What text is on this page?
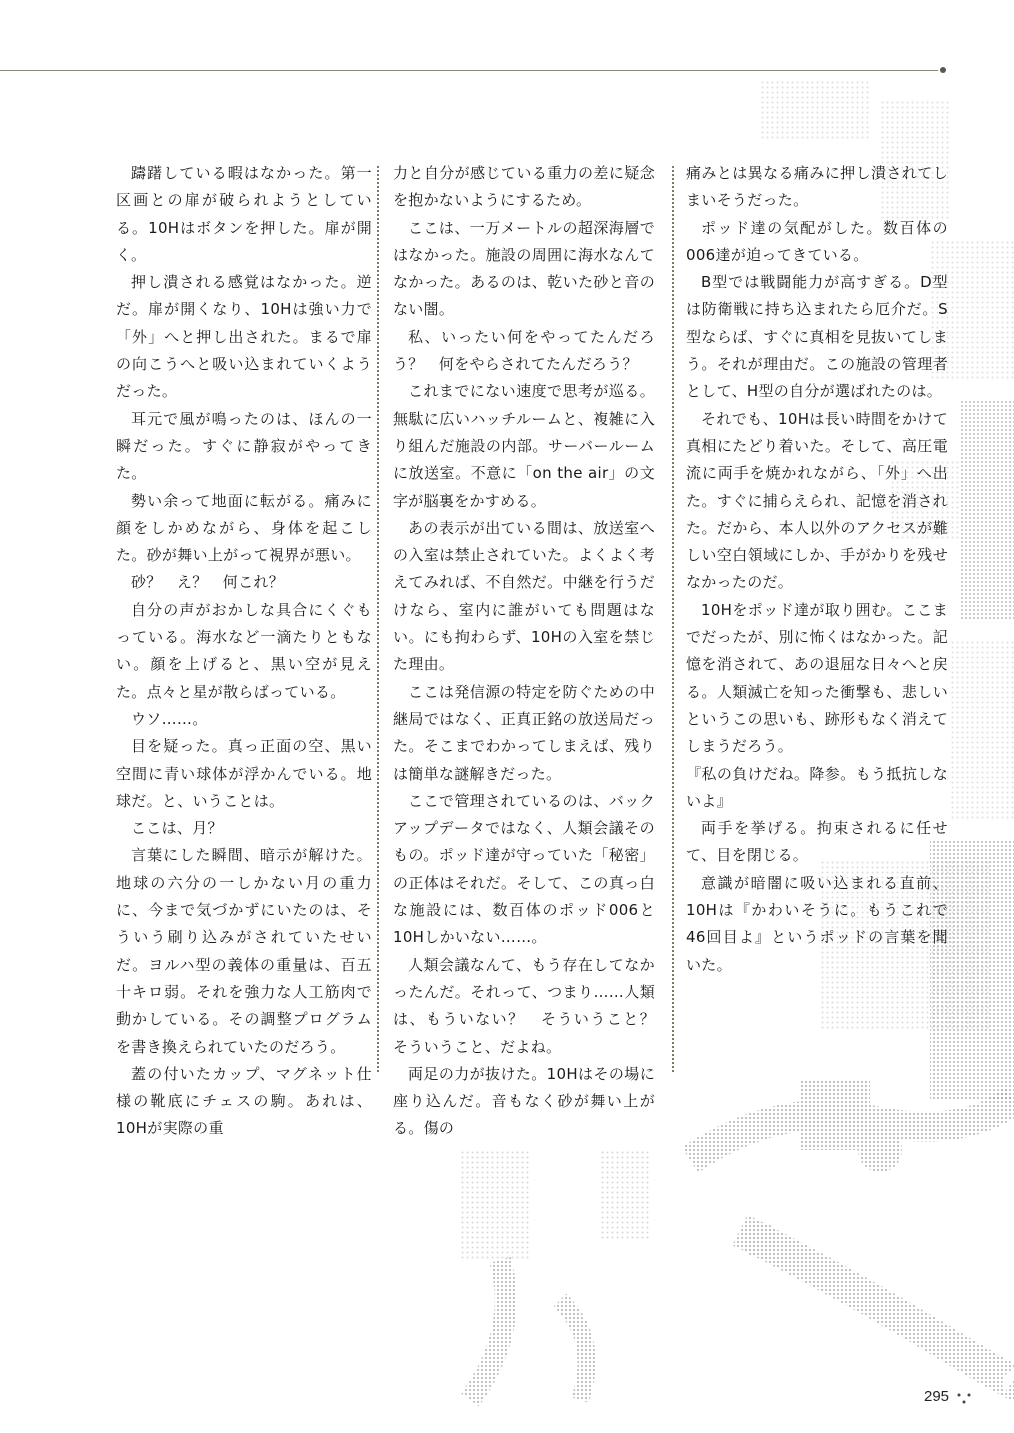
躊躇している暇はなかった。第一区画との扉が破られようとしている。10Hはボタンを押した。扉が開く。

押し潰される感覚はなかった。逆だ。扉が開くなり、10Hは強い力で「外」へと押し出された。まるで扉の向こうへと吸い込まれていくようだった。

耳元で風が鳴ったのは、ほんの一瞬だった。すぐに静寂がやってきた。

勢い余って地面に転がる。痛みに顔をしかめながら、身体を起こした。砂が舞い上がって視界が悪い。

砂？　え？　何これ？

自分の声がおかしな具合にくぐもっている。海水など一滴たりともない。顔を上げると、黒い空が見えた。点々と星が散らばっている。

ウソ……。

目を疑った。真っ正面の空、黒い空間に青い球体が浮かんでいる。地球だ。と、いうことは。

ここは、月？

言葉にした瞬間、暗示が解けた。地球の六分の一しかない月の重力に、今まで気づかずにいたのは、そういう刷り込みがされていたせいだ。ヨルハ型の義体の重量は、百五十キロ弱。それを強力な人工筋肉で動かしている。その調整プログラムを書き換えられていたのだろう。

蓋の付いたカップ、マグネット仕様の靴底にチェスの駒。あれは、10Hが実際の重

力と自分が感じている重力の差に疑念を抱かないようにするため。

ここは、一万メートルの超深海層ではなかった。施設の周囲に海水なんてなかった。あるのは、乾いた砂と音のない闇。

私、いったい何をやってたんだろう？　何をやらされてたんだろう？

これまでにない速度で思考が巡る。無駄に広いハッチルームと、複雑に入り組んだ施設の内部。サーバールームに放送室。不意に「on the air」の文字が脳裏をかすめる。

あの表示が出ている間は、放送室への入室は禁止されていた。よくよく考えてみれば、不自然だ。中継を行うだけなら、室内に誰がいても問題はない。にも拘わらず、10Hの入室を禁じた理由。

ここは発信源の特定を防ぐための中継局ではなく、正真正銘の放送局だった。そこまでわかってしまえば、残りは簡単な謎解きだった。

ここで管理されているのは、バックアップデータではなく、人類会議そのもの。ポッド達が守っていた「秘密」の正体はそれだ。そして、この真っ白な施設には、数百体のポッド006と10Hしかいない……。

人類会議なんて、もう存在してなかったんだ。それって、つまり……人類は、もういない？　そういうこと？　そういうこと、だよね。

両足の力が抜けた。10Hはその場に座り込んだ。音もなく砂が舞い上がる。傷の

痛みとは異なる痛みに押し潰されてしまいそうだった。

ポッド達の気配がした。数百体の006達が迫ってきている。

B型では戦闘能力が高すぎる。D型は防衛戦に持ち込まれたら厄介だ。S型ならば、すぐに真相を見抜いてしまう。それが理由だ。この施設の管理者として、H型の自分が選ばれたのは。

それでも、10Hは長い時間をかけて真相にたどり着いた。そして、高圧電流に両手を焼かれながら、「外」へ出た。すぐに捕らえられ、記憶を消された。だから、本人以外のアクセスが難しい空白領域にしか、手がかりを残せなかったのだ。

10Hをポッド達が取り囲む。ここまでだったが、別に怖くはなかった。記憶を消されて、あの退屈な日々へと戻る。人類滅亡を知った衝撃も、悲しいというこの思いも、跡形もなく消えてしまうだろう。

『私の負けだね。降参。もう抵抗しないよ』

両手を挙げる。拘束されるに任せて、目を閉じる。

意識が暗闇に吸い込まれる直前、10Hは『かわいそうに。もうこれで46回目よ』というポッドの言葉を聞いた。

295
